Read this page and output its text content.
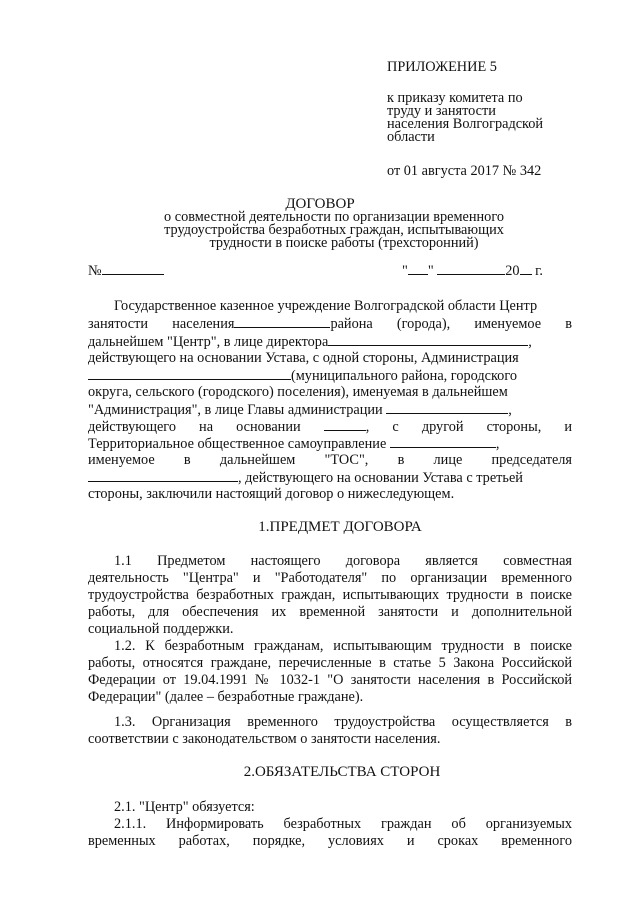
ПРИЛОЖЕНИЕ 5
к приказу комитета по
труду и занятости
населения Волгоградской
области
от 01 августа 2017 № 342
ДОГОВОР
о совместной деятельности по организации временного
трудоустройства безработных граждан, испытывающих
трудности в поиске работы (трехсторонний)
№	" "	20 г.
Государственное казенное учреждение Волгоградской области Центр
занятости населения	района (города), именуемое в
дальнейшем "Центр", в лице директора	,
действующего на основании Устава, с одной стороны, Администрация
(муниципального района, городского
округа, сельского (городского) поселения), именуемая в дальнейшем
"Администрация", в лице Главы администрации	,
действующего на основании	, с другой стороны, и
Территориальное общественное самоуправление	,
именуемое в дальнейшем "ТОС", в лице председателя
, действующего на основании Устава с третьей
стороны, заключили настоящий договор о нижеследующем.
1.ПРЕДМЕТ ДОГОВОРА
1.1 Предметом настоящего договора является совместная
деятельность "Центра" и "Работодателя" по организации временного
трудоустройства безработных граждан, испытывающих трудности в поиске
работы, для обеспечения их временной занятости и дополнительной
социальной поддержки.
1.2. К безработным гражданам, испытывающим трудности в поиске
работы, относятся граждане, перечисленные в статье 5 Закона Российской
Федерации от 19.04.1991 № 1032-1 "О занятости населения в Российской
Федерации" (далее – безработные граждане).
1.3. Организация временного трудоустройства осуществляется в
соответствии с законодательством о занятости населения.
2.ОБЯЗАТЕЛЬСТВА СТОРОН
2.1. "Центр" обязуется:
2.1.1. Информировать безработных граждан об организуемых
временных работах, порядке, условиях и сроках временного
